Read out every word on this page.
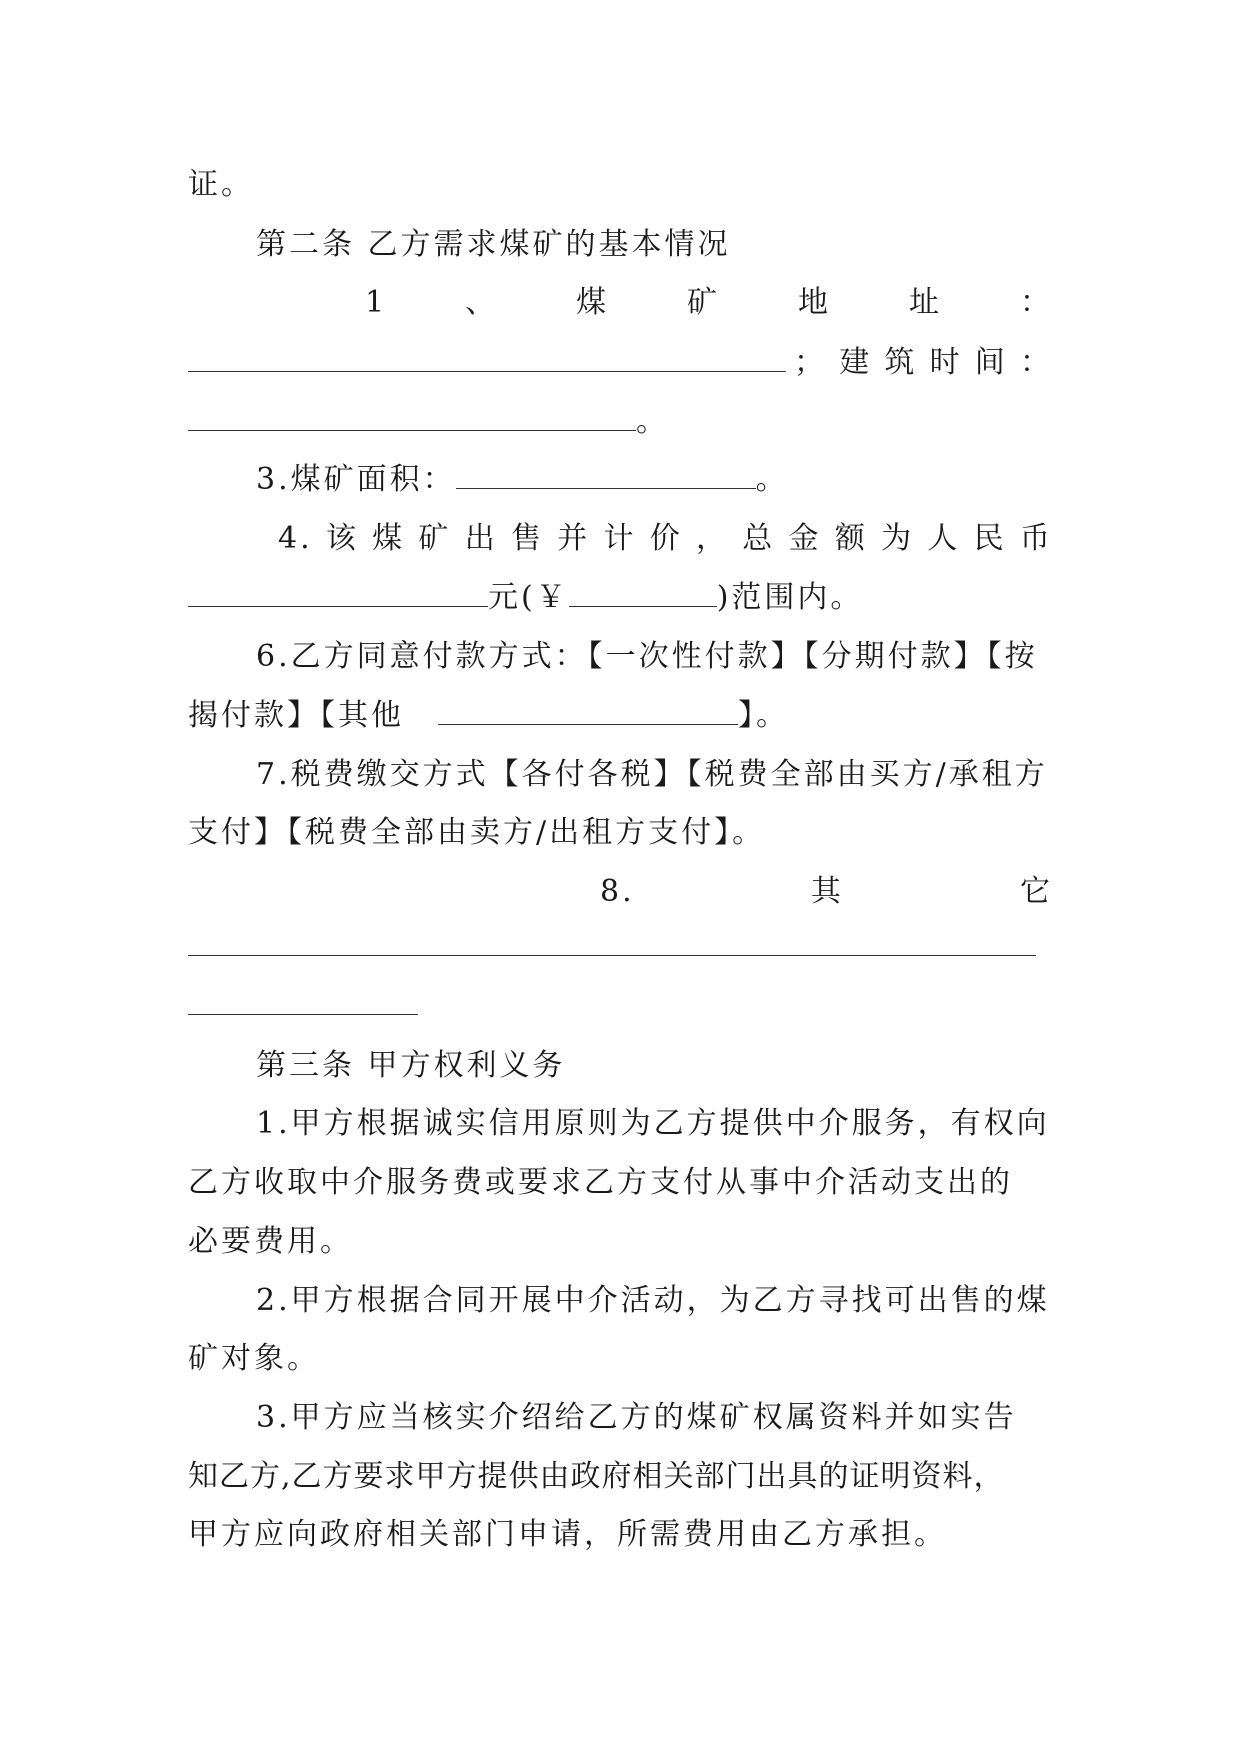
证。
第二条 乙方需求煤矿的基本情况
1	、	煤	矿	地	址	：
； 建 筑 时 间 ：
。
3.煤矿面积：	。
4. 该 煤 矿 出 售 并 计 价 ， 总 金 额 为 人 民 币
元(￥	)范围内。
6.乙方同意付款方式：【一次性付款】【分期付款】【按
揭付款】【其他	】。
7.税费缴交方式【各付各税】【税费全部由买方/承租方
支付】【税费全部由卖方/出租方支付】。
8.	其	它
第三条 甲方权利义务
1.甲方根据诚实信用原则为乙方提供中介服务，有权向
乙方收取中介服务费或要求乙方支付从事中介活动支出的
必要费用。
2.甲方根据合同开展中介活动，为乙方寻找可出售的煤
矿对象。
3.甲方应当核实介绍给乙方的煤矿权属资料并如实告
知乙方,乙方要求甲方提供由政府相关部门出具的证明资料，
甲方应向政府相关部门申请，所需费用由乙方承担。
